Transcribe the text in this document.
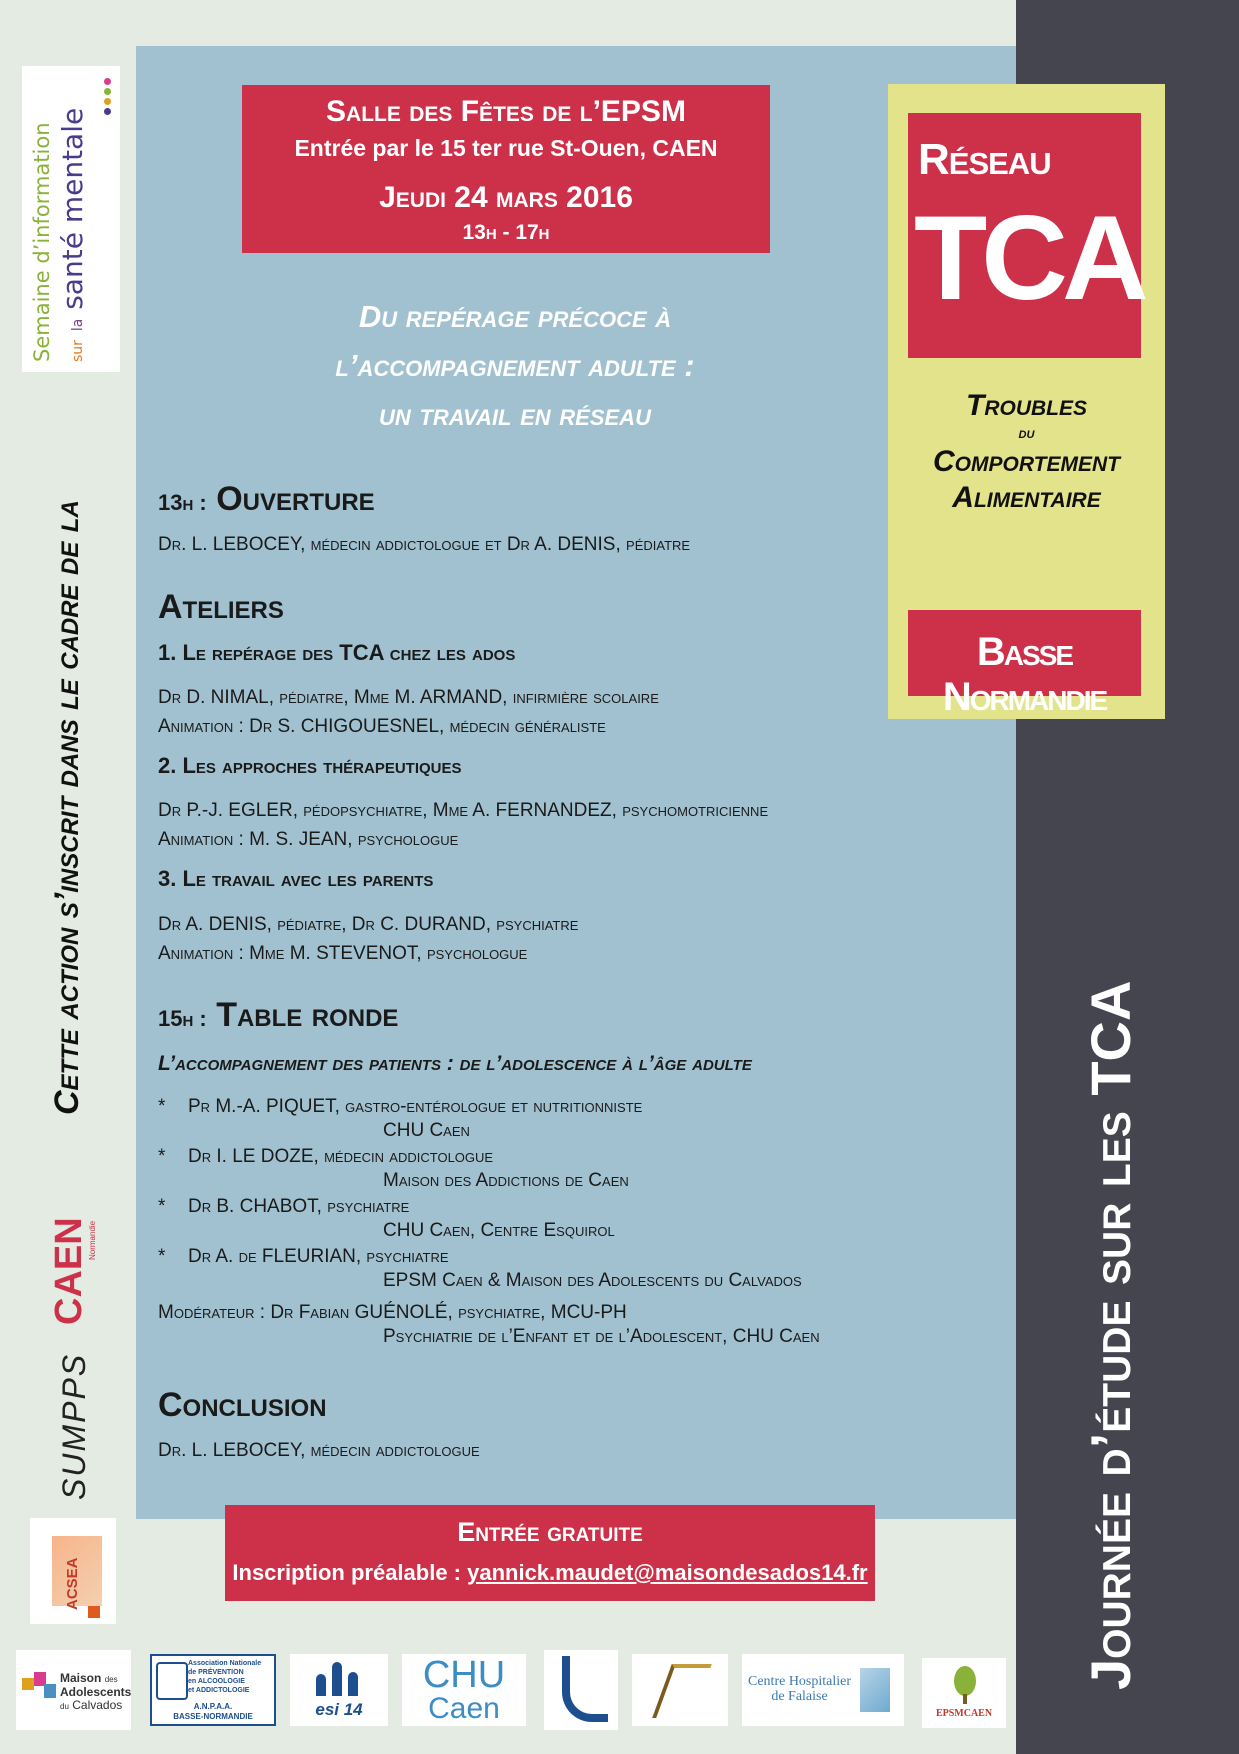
Salle des Fêtes de l’EPSM
Entrée par le 15 ter rue St-Ouen, CAEN
Jeudi 24 mars 2016
13h - 17h
Du repérage précoce à
l’accompagnement adulte :
un travail en réseau
13h : Ouverture
Dr. L. LEBOCEY, médecin addictologue et Dr A. DENIS, pédiatre
Ateliers
1. Le repérage des TCA chez les ados
Dr D. NIMAL, pédiatre, Mme M. ARMAND, infirmière scolaire
Animation : Dr S. CHIGOUESNEL, médecin généraliste
2. Les approches thérapeutiques
Dr P.-J. EGLER, pédopsychiatre, Mme A. FERNANDEZ, psychomotricienne
Animation : M. S. JEAN, psychologue
3. Le travail avec les parents
Dr A. DENIS, pédiatre, Dr C. DURAND, psychiatre
Animation : Mme M. STEVENOT, psychologue
15h : Table ronde
L’accompagnement des patients : de l’adolescence à l’âge adulte
* Pr M.-A. PIQUET, gastro-entérologue et nutritionniste
CHU Caen
* Dr I. LE DOZE, médecin addictologue
Maison des Addictions de Caen
* Dr B. CHABOT, psychiatre
CHU Caen, Centre Esquirol
* Dr A. de FLEURIAN, psychiatre
EPSM Caen & Maison des Adolescents du Calvados
Modérateur : Dr Fabian GUÉNOLÉ, psychiatre, MCU-PH
Psychiatrie de l’Enfant et de l’Adolescent, CHU Caen
Conclusion
Dr. L. LEBOCEY, médecin addictologue
Réseau
TCA
Troubles
du
Comportement
Alimentaire
Basse Normandie
Journée d’étude sur les TCA
Cette action s’inscrit dans le cadre de la
Semaine d’information	sur la santé mentale
CAEN
Normandie
SUMPPS
ACSEA
Entrée gratuite
Inscription préalable : yannick.maudet@maisondesados14.fr
Maison des
Adolescents
du Calvados
Association Nationale
de PRÉVENTION
en ALCOOLOGIE
et ADDICTOLOGIE
A.N.P.A.A.
BASSE-NORMANDIE	esi 14
CHU
Caen
Centre Hospitalier
de Falaise
EPSMCAEN
